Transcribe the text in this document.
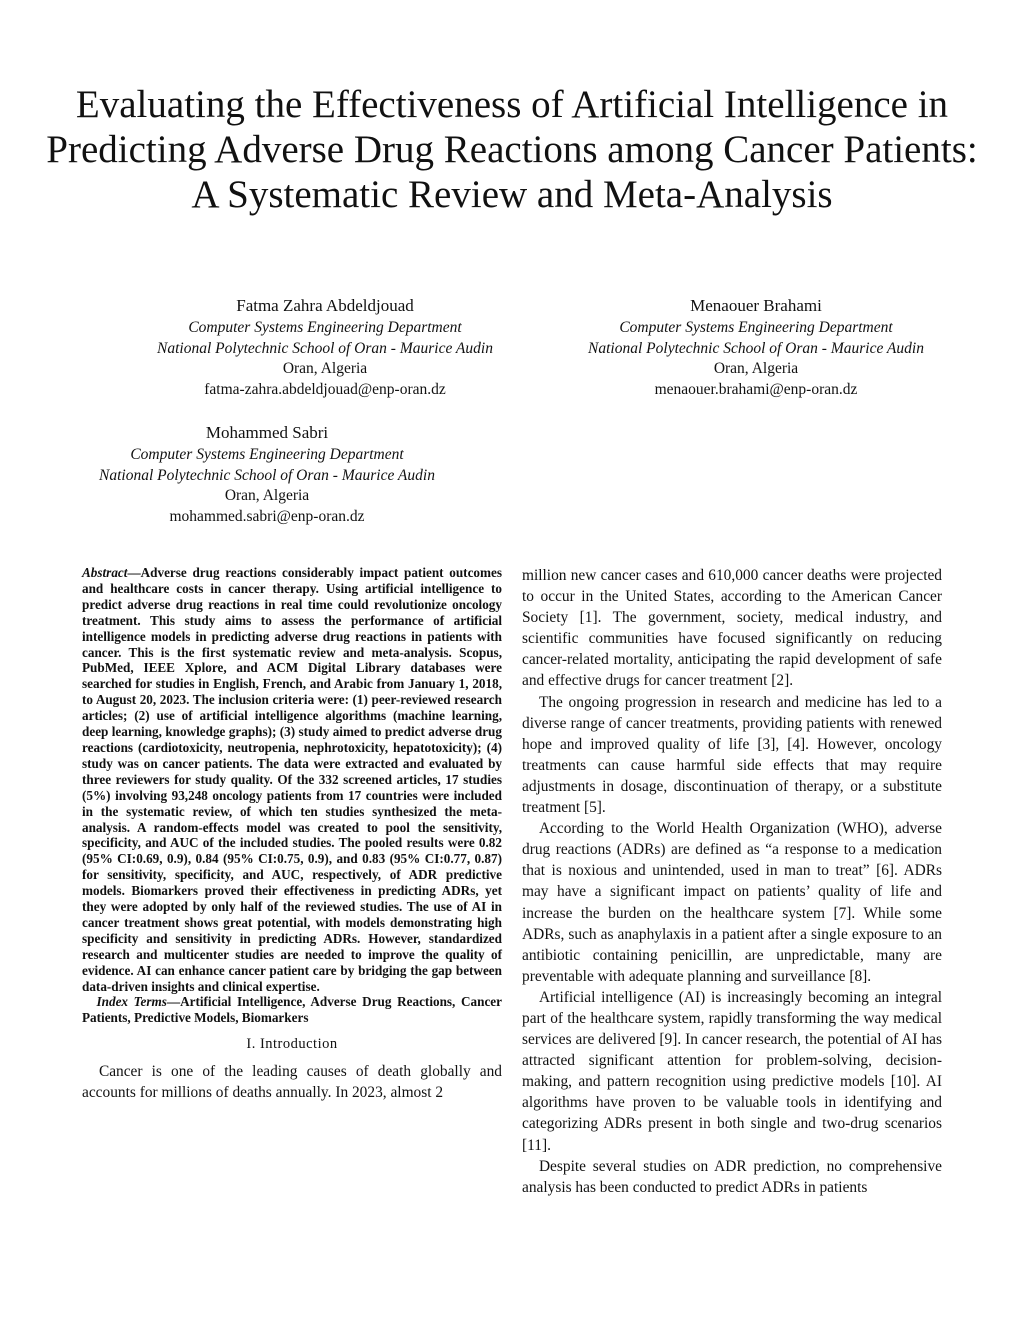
Evaluating the Effectiveness of Artificial Intelligence in Predicting Adverse Drug Reactions among Cancer Patients: A Systematic Review and Meta-Analysis
Fatma Zahra Abdeldjouad
Computer Systems Engineering Department
National Polytechnic School of Oran - Maurice Audin
Oran, Algeria
fatma-zahra.abdeldjouad@enp-oran.dz
Menaouer Brahami
Computer Systems Engineering Department
National Polytechnic School of Oran - Maurice Audin
Oran, Algeria
menaouer.brahami@enp-oran.dz
Mohammed Sabri
Computer Systems Engineering Department
National Polytechnic School of Oran - Maurice Audin
Oran, Algeria
mohammed.sabri@enp-oran.dz

Abstract—Adverse drug reactions considerably impact patient outcomes and healthcare costs in cancer therapy. Using artificial intelligence to predict adverse drug reactions in real time could revolutionize oncology treatment. This study aims to assess the performance of artificial intelligence models in predicting adverse drug reactions in patients with cancer. This is the first systematic review and meta-analysis. Scopus, PubMed, IEEE Xplore, and ACM Digital Library databases were searched for studies in English, French, and Arabic from January 1, 2018, to August 20, 2023. The inclusion criteria were: (1) peer-reviewed research articles; (2) use of artificial intelligence algorithms (machine learning, deep learning, knowledge graphs); (3) study aimed to predict adverse drug reactions (cardiotoxicity, neutropenia, nephrotoxicity, hepatotoxicity); (4) study was on cancer patients. The data were extracted and evaluated by three reviewers for study quality. Of the 332 screened articles, 17 studies (5%) involving 93,248 oncology patients from 17 countries were included in the systematic review, of which ten studies synthesized the meta-analysis. A random-effects model was created to pool the sensitivity, specificity, and AUC of the included studies. The pooled results were 0.82 (95% CI:0.69, 0.9), 0.84 (95% CI:0.75, 0.9), and 0.83 (95% CI:0.77, 0.87) for sensitivity, specificity, and AUC, respectively, of ADR predictive models. Biomarkers proved their effectiveness in predicting ADRs, yet they were adopted by only half of the reviewed studies. The use of AI in cancer treatment shows great potential, with models demonstrating high specificity and sensitivity in predicting ADRs. However, standardized research and multicenter studies are needed to improve the quality of evidence. AI can enhance cancer patient care by bridging the gap between data-driven insights and clinical expertise.

Index Terms—Artificial Intelligence, Adverse Drug Reactions, Cancer Patients, Predictive Models, Biomarkers

I. Introduction

Cancer is one of the leading causes of death globally and accounts for millions of deaths annually. In 2023, almost 2

million new cancer cases and 610,000 cancer deaths were projected to occur in the United States, according to the American Cancer Society [1]. The government, society, medical industry, and scientific communities have focused significantly on reducing cancer-related mortality, anticipating the rapid development of safe and effective drugs for cancer treatment [2].

The ongoing progression in research and medicine has led to a diverse range of cancer treatments, providing patients with renewed hope and improved quality of life [3], [4]. However, oncology treatments can cause harmful side effects that may require adjustments in dosage, discontinuation of therapy, or a substitute treatment [5].

According to the World Health Organization (WHO), adverse drug reactions (ADRs) are defined as “a response to a medication that is noxious and unintended, used in man to treat” [6]. ADRs may have a significant impact on patients’ quality of life and increase the burden on the healthcare system [7]. While some ADRs, such as anaphylaxis in a patient after a single exposure to an antibiotic containing penicillin, are unpredictable, many are preventable with adequate planning and surveillance [8].

Artificial intelligence (AI) is increasingly becoming an integral part of the healthcare system, rapidly transforming the way medical services are delivered [9]. In cancer research, the potential of AI has attracted significant attention for problem-solving, decision-making, and pattern recognition using predictive models [10]. AI algorithms have proven to be valuable tools in identifying and categorizing ADRs present in both single and two-drug scenarios [11].

Despite several studies on ADR prediction, no comprehensive analysis has been conducted to predict ADRs in patients
